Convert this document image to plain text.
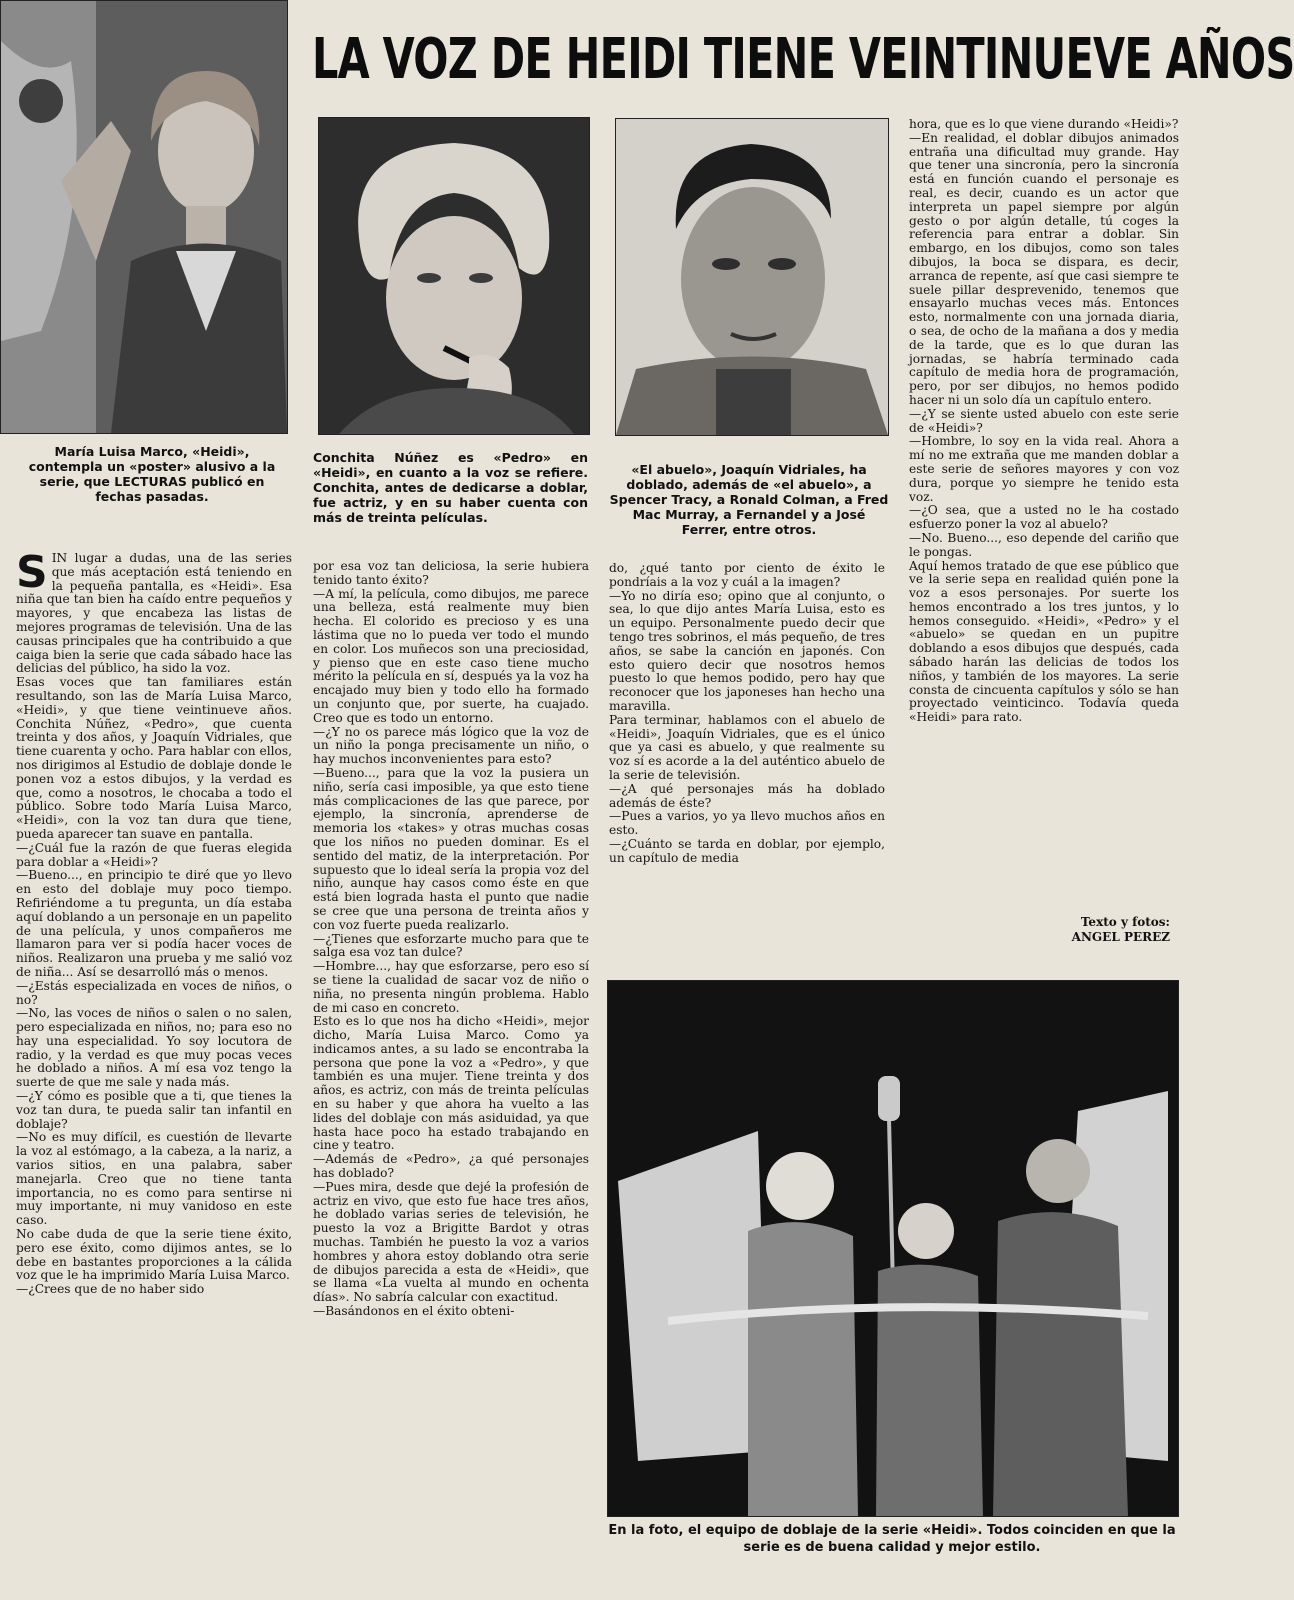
LA VOZ DE HEIDI TIENE VEINTINUEVE AÑOS
María Luisa Marco, «Heidi», contempla un «poster» alusivo a la serie, que LECTURAS publicó en fechas pasadas.
Conchita Núñez es «Pedro» en «Heidi», en cuanto a la voz se refiere. Conchita, antes de dedicarse a doblar, fue actriz, y en su haber cuenta con más de treinta películas.
«El abuelo», Joaquín Vidriales, ha doblado, además de «el abuelo», a Spencer Tracy, a Ronald Colman, a Fred Mac Murray, a Fernandel y a José Ferrer, entre otros.
En la foto, el equipo de doblaje de la serie «Heidi». Todos coinciden en que la serie es de buena calidad y mejor estilo.

SIN lugar a dudas, una de las series que más aceptación está teniendo en la pequeña pantalla, es «Heidi». Esa niña que tan bien ha caído entre pequeños y mayores, y que encabeza las listas de mejores programas de televisión. Una de las causas principales que ha contribuido a que caiga bien la serie que cada sábado hace las delicias del público, ha sido la voz.

Esas voces que tan familiares están resultando, son las de María Luisa Marco, «Heidi», y que tiene veintinueve años. Conchita Núñez, «Pedro», que cuenta treinta y dos años, y Joaquín Vidriales, que tiene cuarenta y ocho. Para hablar con ellos, nos dirigimos al Estudio de doblaje donde le ponen voz a estos dibujos, y la verdad es que, como a nosotros, le chocaba a todo el público. Sobre todo María Luisa Marco, «Heidi», con la voz tan dura que tiene, pueda aparecer tan suave en pantalla.

—¿Cuál fue la razón de que fueras elegida para doblar a «Heidi»?

—Bueno..., en principio te diré que yo llevo en esto del doblaje muy poco tiempo. Refiriéndome a tu pregunta, un día estaba aquí doblando a un personaje en un papelito de una película, y unos compañeros me llamaron para ver si podía hacer voces de niños. Realizaron una prueba y me salió voz de niña... Así se desarrolló más o menos.

—¿Estás especializada en voces de niños, o no?

—No, las voces de niños o salen o no salen, pero especializada en niños, no; para eso no hay una especialidad. Yo soy locutora de radio, y la verdad es que muy pocas veces he doblado a niños. A mí esa voz tengo la suerte de que me sale y nada más.

—¿Y cómo es posible que a ti, que tienes la voz tan dura, te pueda salir tan infantil en doblaje?

—No es muy difícil, es cuestión de llevarte la voz al estómago, a la cabeza, a la nariz, a varios sitios, en una palabra, saber manejarla. Creo que no tiene tanta importancia, no es como para sentirse ni muy importante, ni muy vanidoso en este caso.

No cabe duda de que la serie tiene éxito, pero ese éxito, como dijimos antes, se lo debe en bastantes proporciones a la cálida voz que le ha imprimido María Luisa Marco.

—¿Crees que de no haber sido

por esa voz tan deliciosa, la serie hubiera tenido tanto éxito?

—A mí, la película, como dibujos, me parece una belleza, está realmente muy bien hecha. El colorido es precioso y es una lástima que no lo pueda ver todo el mundo en color. Los muñecos son una preciosidad, y pienso que en este caso tiene mucho mérito la película en sí, después ya la voz ha encajado muy bien y todo ello ha formado un conjunto que, por suerte, ha cuajado. Creo que es todo un entorno.

—¿Y no os parece más lógico que la voz de un niño la ponga precisamente un niño, o hay muchos inconvenientes para esto?

—Bueno..., para que la voz la pusiera un niño, sería casi imposible, ya que esto tiene más complicaciones de las que parece, por ejemplo, la sincronía, aprenderse de memoria los «takes» y otras muchas cosas que los niños no pueden dominar. Es el sentido del matiz, de la interpretación. Por supuesto que lo ideal sería la propia voz del niño, aunque hay casos como éste en que está bien lograda hasta el punto que nadie se cree que una persona de treinta años y con voz fuerte pueda realizarlo.

—¿Tienes que esforzarte mucho para que te salga esa voz tan dulce?

—Hombre..., hay que esforzarse, pero eso sí se tiene la cualidad de sacar voz de niño o niña, no presenta ningún problema. Hablo de mi caso en concreto.

Esto es lo que nos ha dicho «Heidi», mejor dicho, María Luisa Marco. Como ya indicamos antes, a su lado se encontraba la persona que pone la voz a «Pedro», y que también es una mujer. Tiene treinta y dos años, es actriz, con más de treinta películas en su haber y que ahora ha vuelto a las lides del doblaje con más asiduidad, ya que hasta hace poco ha estado trabajando en cine y teatro.

—Además de «Pedro», ¿a qué personajes has doblado?

—Pues mira, desde que dejé la profesión de actriz en vivo, que esto fue hace tres años, he doblado varias series de televisión, he puesto la voz a Brigitte Bardot y otras muchas. También he puesto la voz a varios hombres y ahora estoy doblando otra serie de dibujos parecida a esta de «Heidi», que se llama «La vuelta al mundo en ochenta días». No sabría calcular con exactitud.

—Basándonos en el éxito obteni-

do, ¿qué tanto por ciento de éxito le pondríais a la voz y cuál a la imagen?

—Yo no diría eso; opino que al conjunto, o sea, lo que dijo antes María Luisa, esto es un equipo. Personalmente puedo decir que tengo tres sobrinos, el más pequeño, de tres años, se sabe la canción en japonés. Con esto quiero decir que nosotros hemos puesto lo que hemos podido, pero hay que reconocer que los japoneses han hecho una maravilla.

Para terminar, hablamos con el abuelo de «Heidi», Joaquín Vidriales, que es el único que ya casi es abuelo, y que realmente su voz sí es acorde a la del auténtico abuelo de la serie de televisión.

—¿A qué personajes más ha doblado además de éste?

—Pues a varios, yo ya llevo muchos años en esto.

—¿Cuánto se tarda en doblar, por ejemplo, un capítulo de media

hora, que es lo que viene durando «Heidi»?

—En realidad, el doblar dibujos animados entraña una dificultad muy grande. Hay que tener una sincronía, pero la sincronía está en función cuando el personaje es real, es decir, cuando es un actor que interpreta un papel siempre por algún gesto o por algún detalle, tú coges la referencia para entrar a doblar. Sin embargo, en los dibujos, como son tales dibujos, la boca se dispara, es decir, arranca de repente, así que casi siempre te suele pillar desprevenido, tenemos que ensayarlo muchas veces más. Entonces esto, normalmente con una jornada diaria, o sea, de ocho de la mañana a dos y media de la tarde, que es lo que duran las jornadas, se habría terminado cada capítulo de media hora de programación, pero, por ser dibujos, no hemos podido hacer ni un solo día un capítulo entero.

—¿Y se siente usted abuelo con este serie de «Heidi»?

—Hombre, lo soy en la vida real. Ahora a mí no me extraña que me manden doblar a este serie de señores mayores y con voz dura, porque yo siempre he tenido esta voz.

—¿O sea, que a usted no le ha costado esfuerzo poner la voz al abuelo?

—No. Bueno..., eso depende del cariño que le pongas.

Aquí hemos tratado de que ese público que ve la serie sepa en realidad quién pone la voz a esos personajes. Por suerte los hemos encontrado a los tres juntos, y lo hemos conseguido. «Heidi», «Pedro» y el «abuelo» se quedan en un pupitre doblando a esos dibujos que después, cada sábado harán las delicias de todos los niños, y también de los mayores. La serie consta de cincuenta capítulos y sólo se han proyectado veinticinco. Todavía queda «Heidi» para rato.

Texto y fotos:
ANGEL PEREZ
